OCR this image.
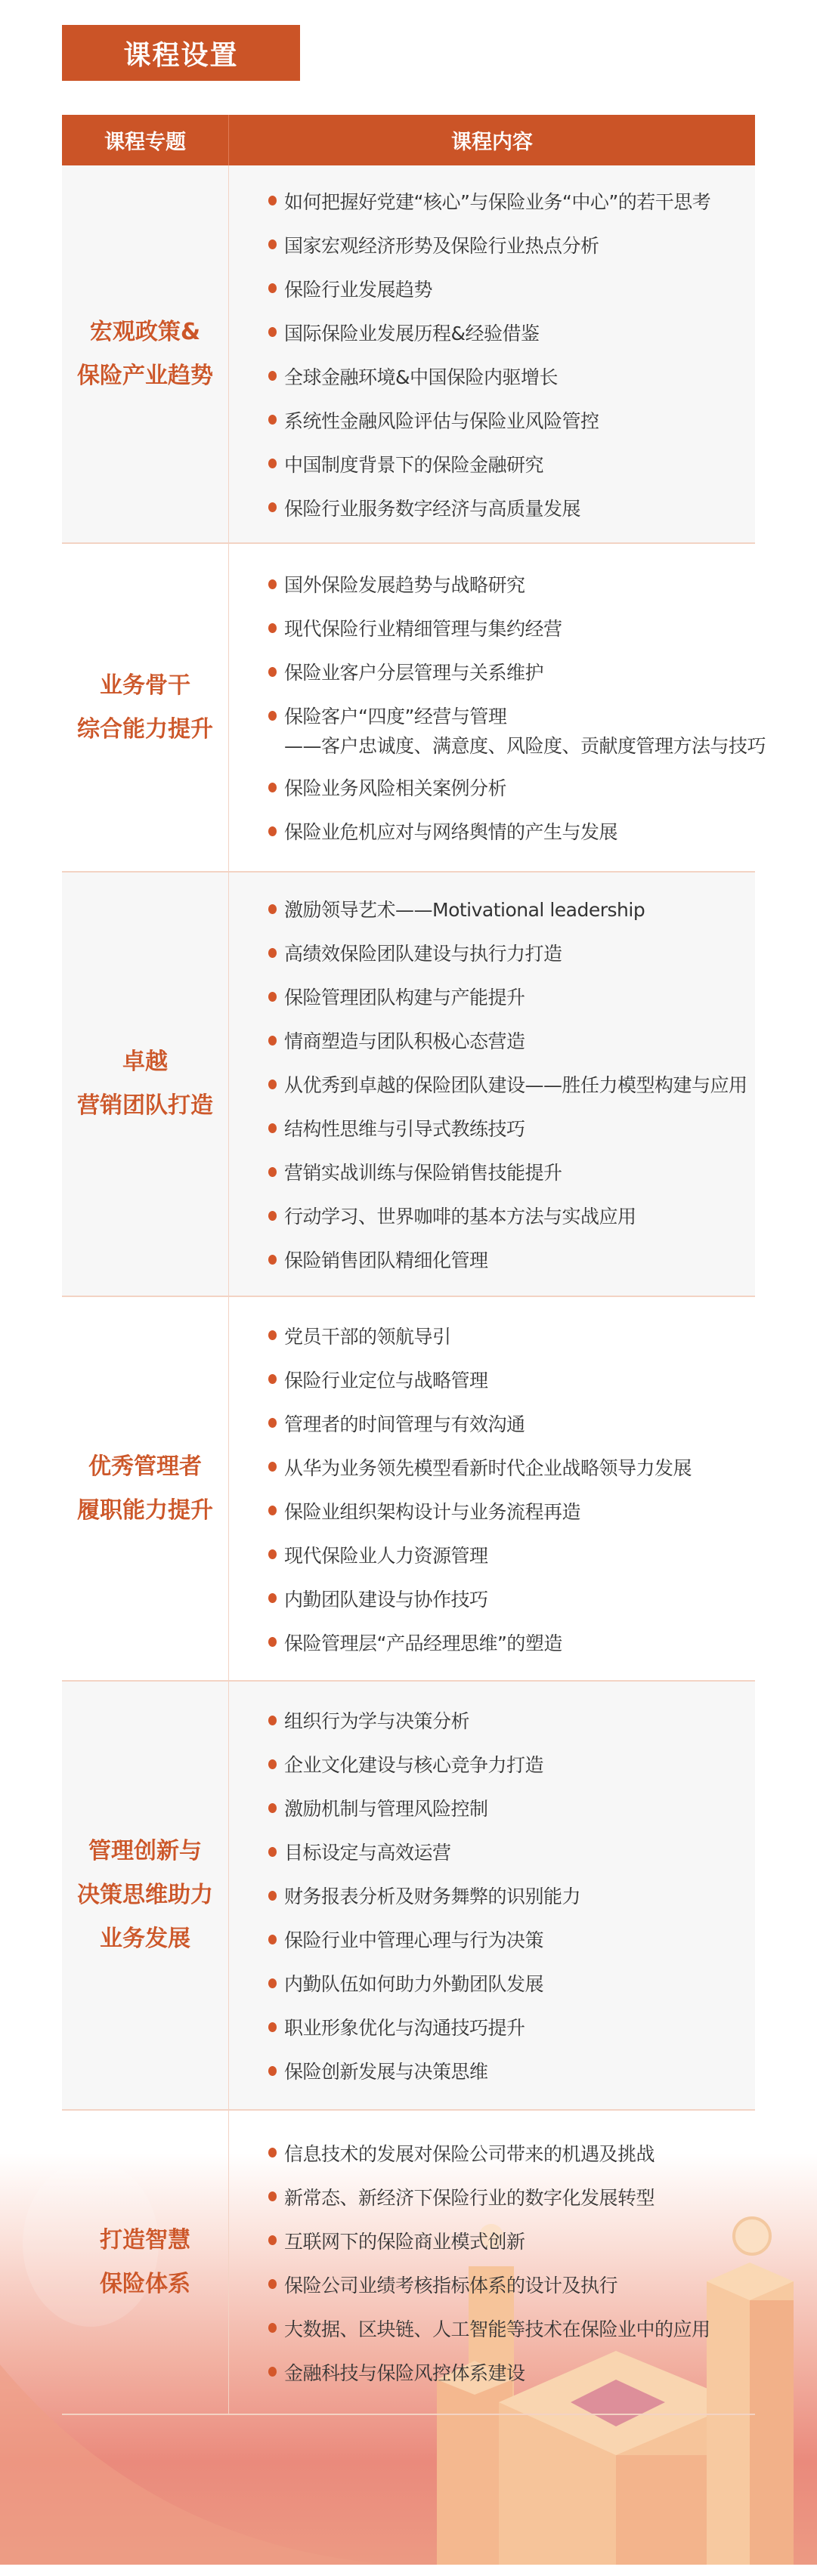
课程设置
课程专题	课程内容
宏观政策&
保险产业趋势
如何把握好党建“核心”与保险业务“中心”的若干思考
国家宏观经济形势及保险行业热点分析
保险行业发展趋势
国际保险业发展历程&经验借鉴
全球金融环境&中国保险内驱增长
系统性金融风险评估与保险业风险管控
中国制度背景下的保险金融研究
保险行业服务数字经济与高质量发展
业务骨干
综合能力提升
国外保险发展趋势与战略研究
现代保险行业精细管理与集约经营
保险业客户分层管理与关系维护
保险客户“四度”经营与管理
——客户忠诚度、满意度、风险度、贡献度管理方法与技巧
保险业务风险相关案例分析
保险业危机应对与网络舆情的产生与发展
卓越
营销团队打造
激励领导艺术——Motivational leadership
高绩效保险团队建设与执行力打造
保险管理团队构建与产能提升
情商塑造与团队积极心态营造
从优秀到卓越的保险团队建设——胜任力模型构建与应用
结构性思维与引导式教练技巧
营销实战训练与保险销售技能提升
行动学习、世界咖啡的基本方法与实战应用
保险销售团队精细化管理
优秀管理者
履职能力提升
党员干部的领航导引
保险行业定位与战略管理
管理者的时间管理与有效沟通
从华为业务领先模型看新时代企业战略领导力发展
保险业组织架构设计与业务流程再造
现代保险业人力资源管理
内勤团队建设与协作技巧
保险管理层“产品经理思维”的塑造
管理创新与
决策思维助力
业务发展
组织行为学与决策分析
企业文化建设与核心竞争力打造
激励机制与管理风险控制
目标设定与高效运营
财务报表分析及财务舞弊的识别能力
保险行业中管理心理与行为决策
内勤队伍如何助力外勤团队发展
职业形象优化与沟通技巧提升
保险创新发展与决策思维
打造智慧
保险体系
信息技术的发展对保险公司带来的机遇及挑战
新常态、新经济下保险行业的数字化发展转型
互联网下的保险商业模式创新
保险公司业绩考核指标体系的设计及执行
大数据、区块链、人工智能等技术在保险业中的应用
金融科技与保险风控体系建设
